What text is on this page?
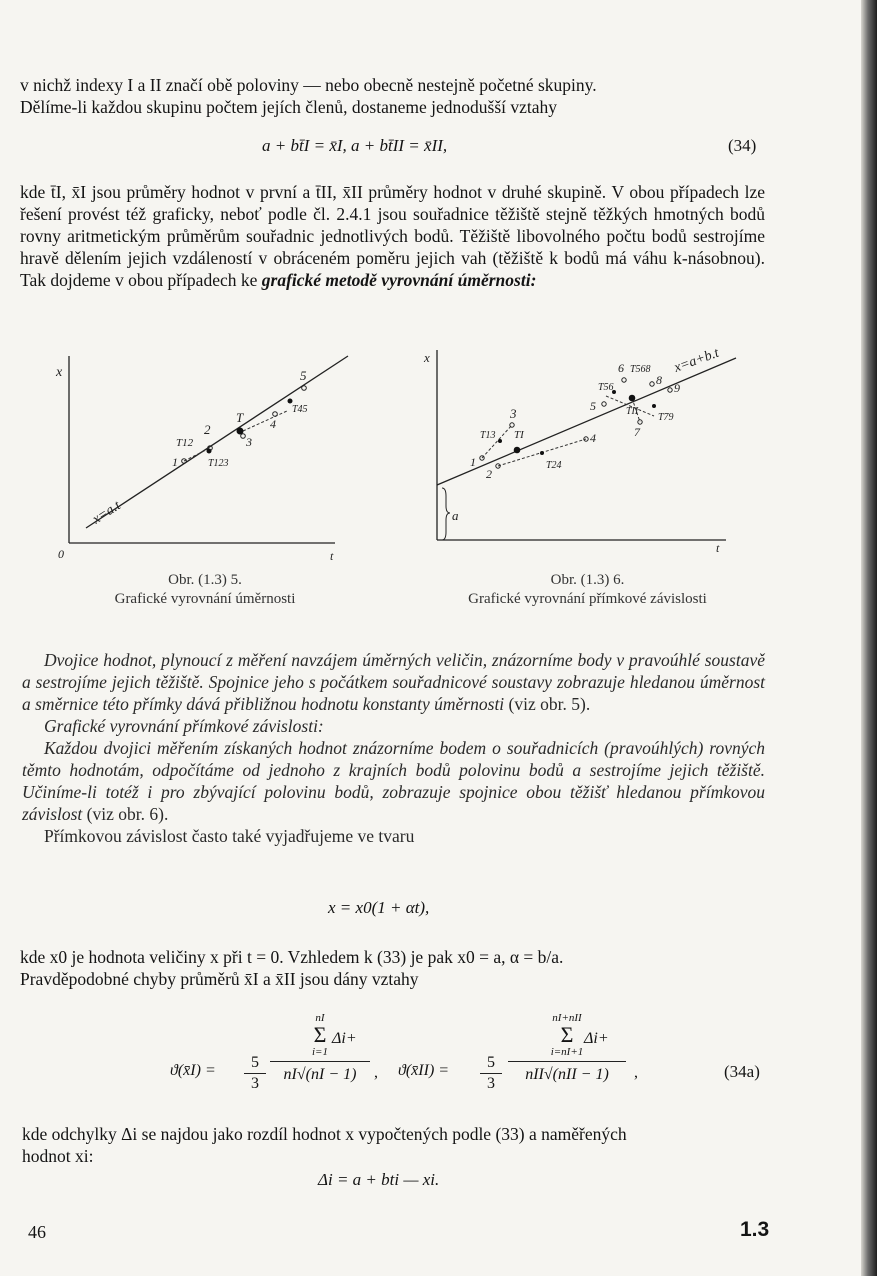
v nichž indexy I a II značí obě poloviny — nebo obecně nestejně početné skupiny.
Dělíme-li každou skupinu počtem jejích členů, dostaneme jednodušší vztahy
a + bt̄I = x̄I, a + bt̄II = x̄II,	(34)
kde t̄I, x̄I jsou průměry hodnot v první a t̄II, x̄II průměry hodnot v druhé skupině. V obou případech lze řešení provést též graficky, neboť podle čl. 2.4.1 jsou souřadnice těžiště stejně těžkých hmotných bodů rovny aritmetickým průměrům souřadnic jednotlivých bodů. Těžiště libovolného počtu bodů sestrojíme hravě dělením jejich vzdáleností v obráceném poměru jejich vah (těžiště k bodů má váhu k-násobnou). Tak dojdeme v obou případech ke grafické metodě vyrovnání úměrnosti:
x
t
0
x=a.t
1
2
3
4
5
T
T12
T123
T45
Obr. (1.3) 5.
Grafické vyrovnání úměrnosti
x
t
a
x=a+b.t
1
2
3
4
5
6
7
8
9
TI
TII
T13
T24
T56
T568
T79
Obr. (1.3) 6.
Grafické vyrovnání přímkové závislosti

Dvojice hodnot, plynoucí z měření navzájem úměrných veličin, znázorníme body v pravoúhlé soustavě a sestrojíme jejich těžiště. Spojnice jeho s počátkem souřadnicové soustavy zobrazuje hledanou úměrnost a směrnice této přímky dává přibližnou hodnotu konstanty úměrnosti (viz obr. 5).

Grafické vyrovnání přímkové závislosti:

Každou dvojici měřením získaných hodnot znázorníme bodem o souřadnicích (pravoúhlých) rovných těmto hodnotám, odpočítáme od jednoho z krajních bodů polovinu bodů a sestrojíme jejich těžiště. Učiníme-li totéž i pro zbývající polovinu bodů, zobrazuje spojnice obou těžišť hledanou přímkovou závislost (viz obr. 6).

Přímkovou závislost často také vyjadřujeme ve tvaru

x = x0(1 + αt),
kde x0 je hodnota veličiny x při t = 0. Vzhledem k (33) je pak x0 = a, α = b/a.
Pravděpodobné chyby průměrů x̄I a x̄II jsou dány vztahy
ϑ(x̄I) =	5
3
nI
Σ Δi+
i=1
nI√(nI − 1)	, ϑ(x̄II) =	5
3
nI+nII
Σ Δi+
i=nI+1
nII√(nII − 1)	,	(34a)
kde odchylky Δi se najdou jako rozdíl hodnot x vypočtených podle (33) a naměřených
hodnot xi:
Δi = a + bti — xi.
46	1.3
